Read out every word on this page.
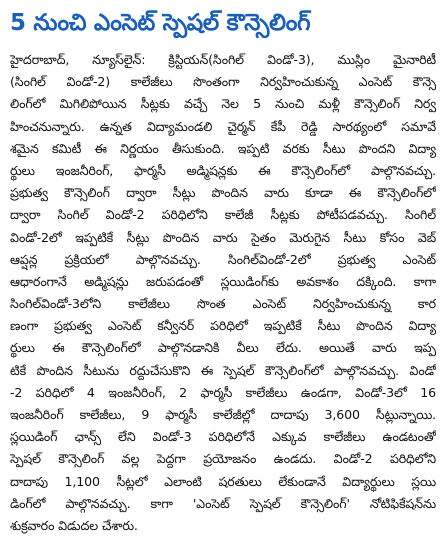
5 నుంచి ఎంసెట్ స్పెషల్ కౌన్సెలింగ్
హైదరాబాద్, న్యూస్‌లైన్: క్రిస్టియన్(సింగిల్ విండో-3), ముస్లిం మైనారిటీ
(సింగిల్ విండో-2) కాలేజీలు సొంతంగా నిర్వహించుకున్న ఎంసెట్ కౌన్సె
లింగ్‌లో మిగిలిపోయిన సీట్లకు వచ్చే నెల 5 నుంచి మళ్లీ కౌన్సెలింగ్ నిర్వ
హించనున్నారు. ఉన్నత విద్యామండలి చైర్మన్ కేపీ రెడ్డి సారథ్యంలో సమావే
శమైన కమిటీ ఈ నిర్ణయం తీసుకుంది. ఇప్పటి వరకు సీటు పొందని విద్యా
ర్థులు ఇంజనీరింగ్, ఫార్మసీ అడ్మిషన్లకు ఈ కౌన్సెలింగ్‌లో పాల్గొనవచ్చు.
ప్రభుత్వ కౌన్సెలింగ్ ద్వారా సీట్లు పొందిన వారు కూడా ఈ కౌన్సెలింగ్‌లో
ద్వారా సింగిల్ విండో-2 పరిధిలోని కాలేజీ సీట్లకు పోటీపడవచ్చు. సింగిల్
విండో-2లో ఇప్పటికే సీట్లు పొందిన వారు సైతం మెరుగైన సీటు కోసం వెబ్
ఆప్షన్ల ప్రక్రియలో పాల్గొనవచ్చు. సింగిల్‌విండో-2లో ప్రభుత్వ ఎంసెట్
ఆధారంగానే అడ్మిషన్లు జరుపడంతో స్లయిడింగ్‌కు అవకాశం దక్కింది. కాగా
సింగిల్‌విండో-3లోని కాలేజీలు సొంత ఎంసెట్ నిర్వహించుకున్న కార
ణంగా ప్రభుత్వ ఎంసెట్ కన్వీనర్ పరిధిలో ఇప్పటికే సీటు పొందిన విద్యా
ర్థులు ఈ కౌన్సెలింగ్‌లో పాల్గొనడానికి వీలు లేదు. అయితే వారు ఇప్ప
టికే పొందిన సీటును రద్దుచేసుకొని ఈ స్పెషల్ కౌన్సెలింగ్‌లో పాల్గొనవచ్చు. విండో
-2 పరిధిలో 4 ఇంజనీరింగ్, 2 ఫార్మసీ కాలేజీలు ఉండగా, విండో-3లో 16
ఇంజనీరింగ్ కాలేజీలు, 9 ఫార్మసీ కాలేజీల్లో దాదాపు 3,600 సీట్లున్నాయి.
స్లయిడింగ్ ఛాన్స్ లేని విండో-3 పరిధిలోనే ఎక్కువ కాలేజీలు ఉండటంతో
స్పెషల్ కౌన్సెలింగ్ వల్ల పెద్దగా ప్రయోజనం ఉండదు. విండో-2 పరిధిలోని
దాదాపు 1,100 సీట్లలో ఎలాంటి షరతులు లేకుండానే విద్యార్థులు స్లయి
డింగ్‌లో పాల్గొనవచ్చు. కాగా 'ఎంసెట్ స్పెషల్ కౌన్సెలింగ్' నోటిఫికేషన్‌ను
శుక్రవారం విడుదల చేశారు.
